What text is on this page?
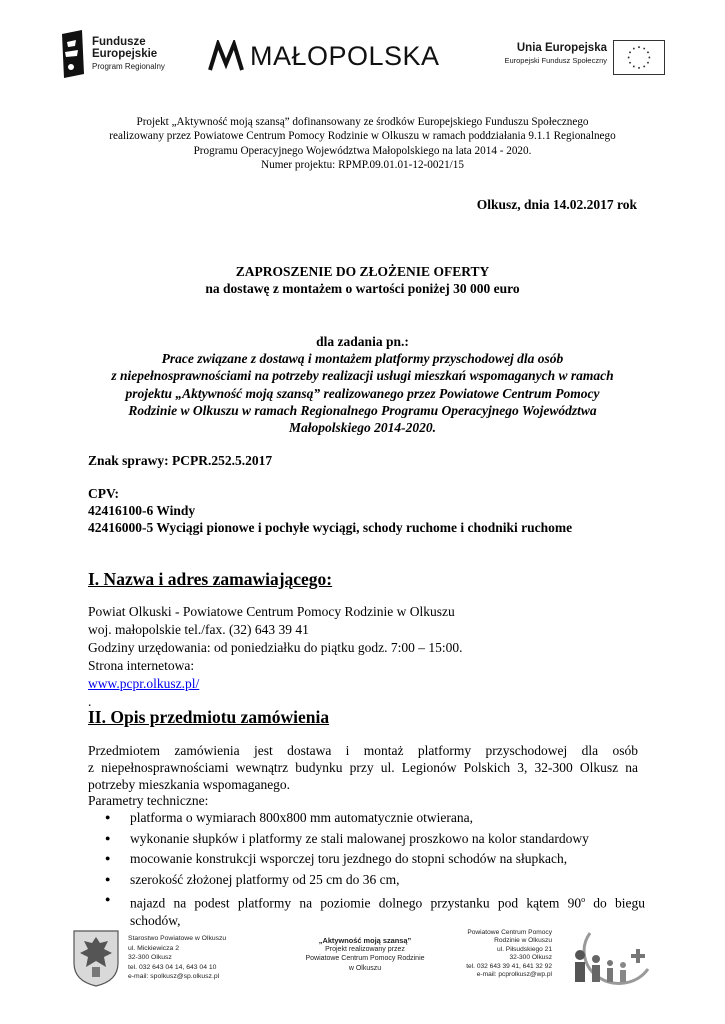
Fundusze
Europejskie
Program Regionalny	MAŁOPOLSKA	Unia Europejska
Europejski Fundusz Społeczny
Projekt „Aktywność moją szansą” dofinansowany ze środków Europejskiego Funduszu Społecznego
realizowany przez Powiatowe Centrum Pomocy Rodzinie w Olkuszu w ramach poddziałania 9.1.1 Regionalnego
Programu Operacyjnego Województwa Małopolskiego na lata 2014 - 2020.
Numer projektu: RPMP.09.01.01-12-0021/15
Olkusz, dnia 14.02.2017 rok
ZAPROSZENIE DO ZŁOŻENIE OFERTY
na dostawę z montażem o wartości poniżej 30 000 euro
dla zadania pn.:
Prace związane z dostawą i montażem platformy przyschodowej dla osób
z niepełnosprawnościami na potrzeby realizacji usługi mieszkań wspomaganych w ramach
projektu „Aktywność moją szansą” realizowanego przez Powiatowe Centrum Pomocy
Rodzinie w Olkuszu w ramach Regionalnego Programu Operacyjnego Województwa
Małopolskiego 2014-2020.
Znak sprawy: PCPR.252.5.2017
CPV:
42416100-6 Windy
42416000-5 Wyciągi pionowe i pochyłe wyciągi, schody ruchome i chodniki ruchome
I. Nazwa i adres zamawiającego:
Powiat Olkuski - Powiatowe Centrum Pomocy Rodzinie w Olkuszu
woj. małopolskie tel./fax. (32) 643 39 41
Godziny urzędowania: od poniedziałku do piątku godz. 7:00 – 15:00.
Strona internetowa:
www.pcpr.olkusz.pl/
.
II. Opis przedmiotu zamówienia
Przedmiotem zamówienia jest dostawa i montaż platformy przyschodowej dla osób
z niepełnosprawnościami wewnątrz budynku przy ul. Legionów Polskich 3, 32-300 Olkusz na
potrzeby mieszkania wspomaganego.
Parametry techniczne:
● platforma o wymiarach 800x800 mm automatycznie otwierana,
● wykonanie słupków i platformy ze stali malowanej proszkowo na kolor standardowy
● mocowanie konstrukcji wsporczej toru jezdnego do stopni schodów na słupkach,
● szerokość złożonej platformy od 25 cm do 36 cm,
● najazd na podest platformy na poziomie dolnego przystanku pod kątem 90$^o$ do biegu
schodów,
Starostwo Powiatowe w Olkuszu
ul. Mickiewicza 2
32-300 Olkusz
tel. 032 643 04 14, 643 04 10
e-mail: spolkusz@sp.olkusz.pl
„Aktywność moją szansą”
Projekt realizowany przez
Powiatowe Centrum Pomocy Rodzinie
w Olkuszu
Powiatowe Centrum Pomocy
Rodzinie w Olkuszu
ul. Piłsudskiego 21
32-300 Olkusz
tel. 032 643 39 41, 641 32 92
e-mail: pcprolkusz@wp.pl
